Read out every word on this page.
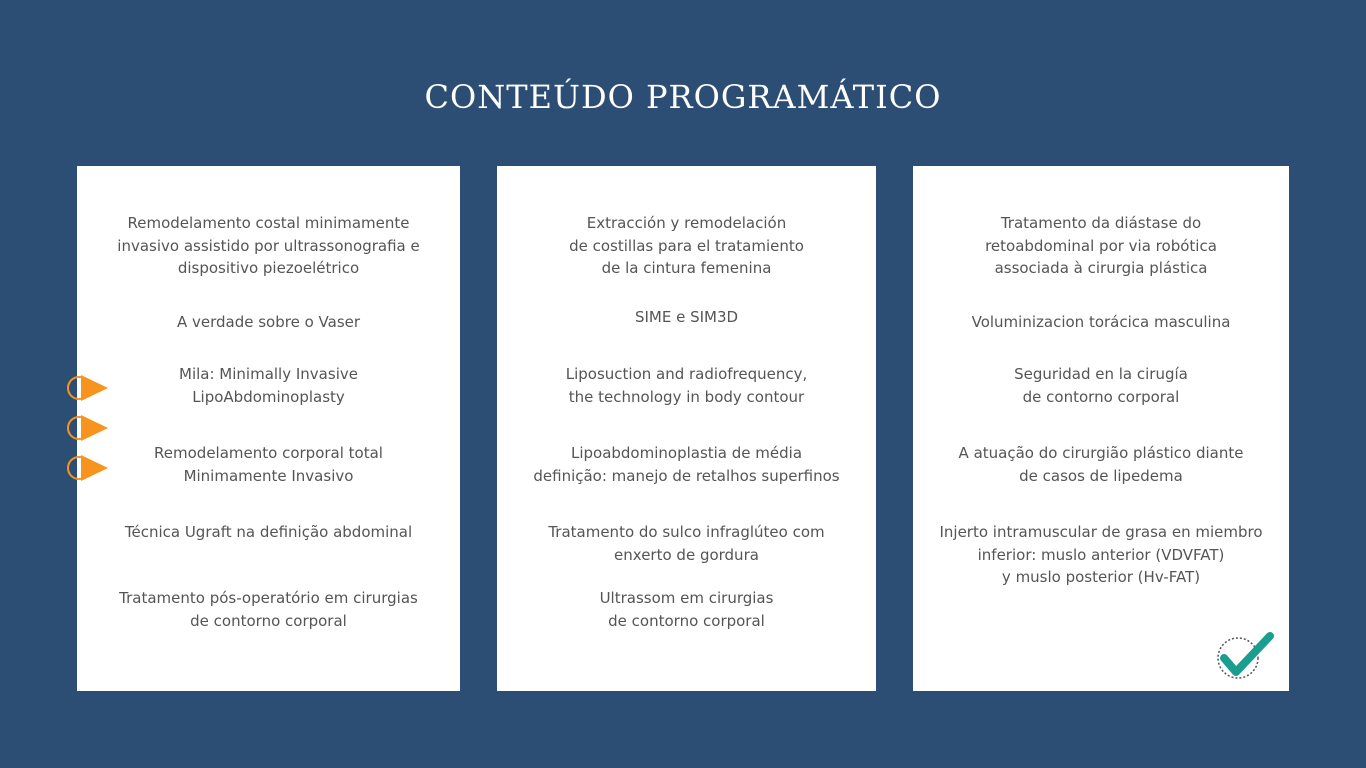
CONTEÚDO PROGRAMÁTICO
Remodelamento costal minimamente
invasivo assistido por ultrassonografia e
dispositivo piezoelétrico
A verdade sobre o Vaser
Mila: Minimally Invasive
LipoAbdominoplasty
Remodelamento corporal total
Minimamente Invasivo
Técnica Ugraft na definição abdominal
Tratamento pós-operatório em cirurgias
de contorno corporal
Extracción y remodelación
de costillas para el tratamiento
de la cintura femenina
SIME e SIM3D
Liposuction and radiofrequency,
the technology in body contour
Lipoabdominoplastia de média
definição: manejo de retalhos superfinos
Tratamento do sulco infraglúteo com
enxerto de gordura
Ultrassom em cirurgias
de contorno corporal
Tratamento da diástase do
retoabdominal por via robótica
associada à cirurgia plástica
Voluminizacion torácica masculina
Seguridad en la cirugía
de contorno corporal
A atuação do cirurgião plástico diante
de casos de lipedema
Injerto intramuscular de grasa en miembro
inferior: muslo anterior (VDVFAT)
y muslo posterior (Hv-FAT)
